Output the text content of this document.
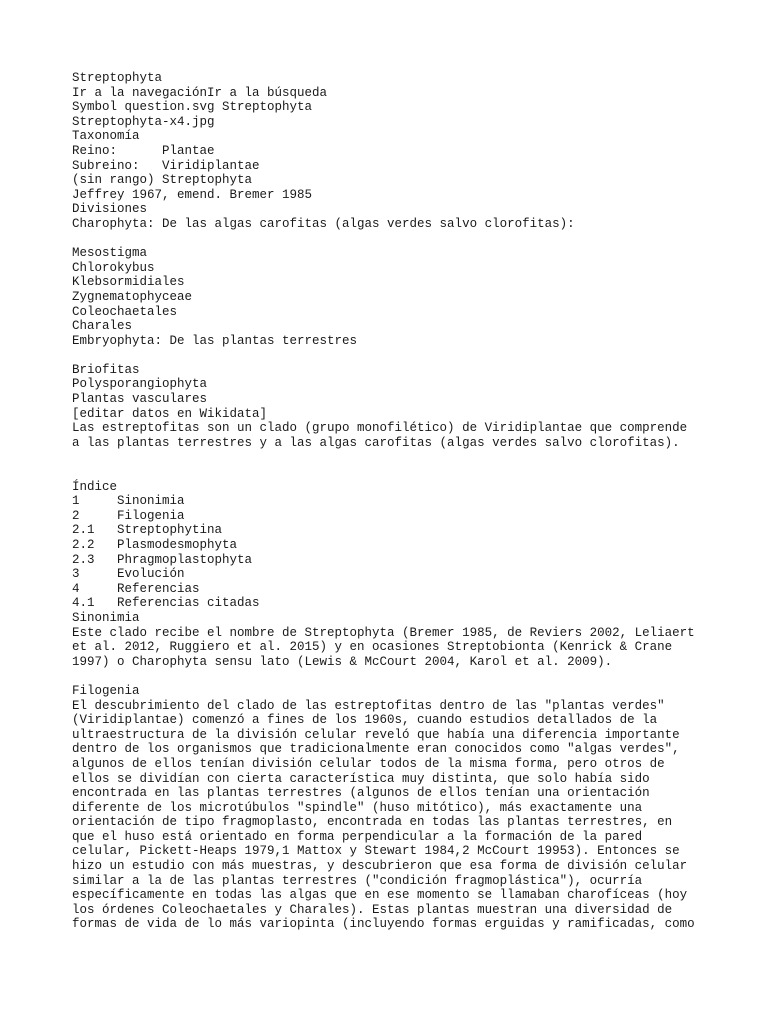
Streptophyta
Ir a la navegaciónIr a la búsqueda
Symbol question.svg Streptophyta
Streptophyta-x4.jpg
Taxonomía
Reino:      Plantae
Subreino:   Viridiplantae
(sin rango) Streptophyta
Jeffrey 1967, emend. Bremer 1985
Divisiones
Charophyta: De las algas carofitas (algas verdes salvo clorofitas):
Mesostigma
Chlorokybus
Klebsormidiales
Zygnematophyceae
Coleochaetales
Charales
Embryophyta: De las plantas terrestres
Briofitas
Polysporangiophyta
Plantas vasculares
[editar datos en Wikidata]
Las estreptofitas son un clado (grupo monofilético) de Viridiplantae que comprende
a las plantas terrestres y a las algas carofitas (algas verdes salvo clorofitas).
Índice
1     Sinonimia
2     Filogenia
2.1   Streptophytina
2.2   Plasmodesmophyta
2.3   Phragmoplastophyta
3     Evolución
4     Referencias
4.1   Referencias citadas
Sinonimia
Este clado recibe el nombre de Streptophyta (Bremer 1985, de Reviers 2002, Leliaert
et al. 2012, Ruggiero et al. 2015) y en ocasiones Streptobionta (Kenrick & Crane
1997) o Charophyta sensu lato (Lewis & McCourt 2004, Karol et al. 2009).
Filogenia
El descubrimiento del clado de las estreptofitas dentro de las "plantas verdes"
(Viridiplantae) comenzó a fines de los 1960s, cuando estudios detallados de la
ultraestructura de la división celular reveló que había una diferencia importante
dentro de los organismos que tradicionalmente eran conocidos como "algas verdes",
algunos de ellos tenían división celular todos de la misma forma, pero otros de
ellos se dividían con cierta característica muy distinta, que solo había sido
encontrada en las plantas terrestres (algunos de ellos tenían una orientación
diferente de los microtúbulos "spindle" (huso mitótico), más exactamente una
orientación de tipo fragmoplasto, encontrada en todas las plantas terrestres, en
que el huso está orientado en forma perpendicular a la formación de la pared
celular, Pickett-Heaps 1979,1 Mattox y Stewart 1984,2 McCourt 19953). Entonces se
hizo un estudio con más muestras, y descubrieron que esa forma de división celular
similar a la de las plantas terrestres ("condición fragmoplástica"), ocurría
específicamente en todas las algas que en ese momento se llamaban charofíceas (hoy
los órdenes Coleochaetales y Charales). Estas plantas muestran una diversidad de
formas de vida de lo más variopinta (incluyendo formas erguidas y ramificadas, como
